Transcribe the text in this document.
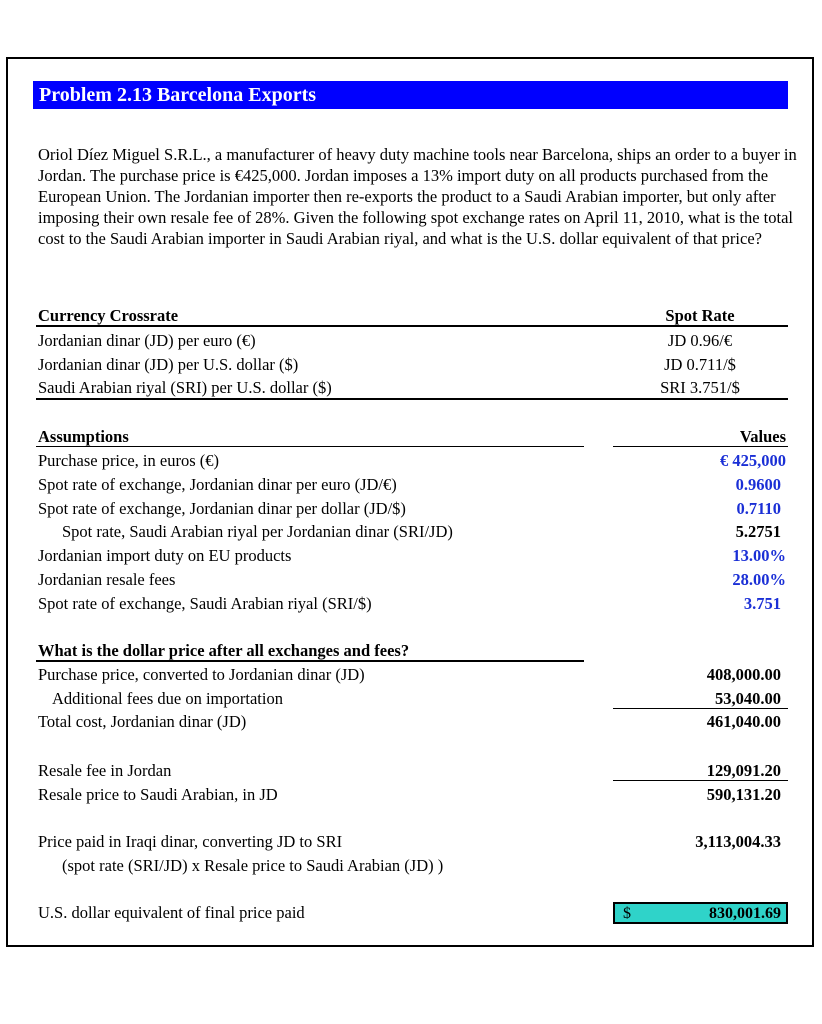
Problem 2.13 Barcelona Exports
Oriol Díez Miguel S.R.L., a manufacturer of heavy duty machine tools near Barcelona, ships an order to a buyer in Jordan. The purchase price is €425,000. Jordan imposes a 13% import duty on all products purchased from the European Union. The Jordanian importer then re-exports the product to a Saudi Arabian importer, but only after imposing their own resale fee of 28%. Given the following spot exchange rates on April 11, 2010, what is the total cost to the Saudi Arabian importer in Saudi Arabian riyal, and what is the U.S. dollar equivalent of that price?
Currency Crossrate	Spot Rate
Jordanian dinar (JD) per euro (€)	JD 0.96/€
Jordanian dinar (JD) per U.S. dollar ($)	JD 0.711/$
Saudi Arabian riyal (SRI) per U.S. dollar ($)	SRI 3.751/$
Assumptions	Values
Purchase price, in euros (€)	€ 425,000
Spot rate of exchange, Jordanian dinar per euro (JD/€)	0.9600
Spot rate of exchange, Jordanian dinar per dollar (JD/$)	0.7110
Spot rate, Saudi Arabian riyal per Jordanian dinar (SRI/JD)	5.2751
Jordanian import duty on EU products	13.00%
Jordanian resale fees	28.00%
Spot rate of exchange, Saudi Arabian riyal (SRI/$)	3.751
What is the dollar price after all exchanges and fees?
Purchase price, converted to Jordanian dinar (JD)	408,000.00
Additional fees due on importation	53,040.00
Total cost, Jordanian dinar (JD)	461,040.00
Resale fee in Jordan	129,091.20
Resale price to Saudi Arabian, in JD	590,131.20
Price paid in Iraqi dinar, converting JD to SRI	3,113,004.33
(spot rate (SRI/JD) x Resale price to Saudi Arabian (JD) )
U.S. dollar equivalent of final price paid	$	830,001.69
